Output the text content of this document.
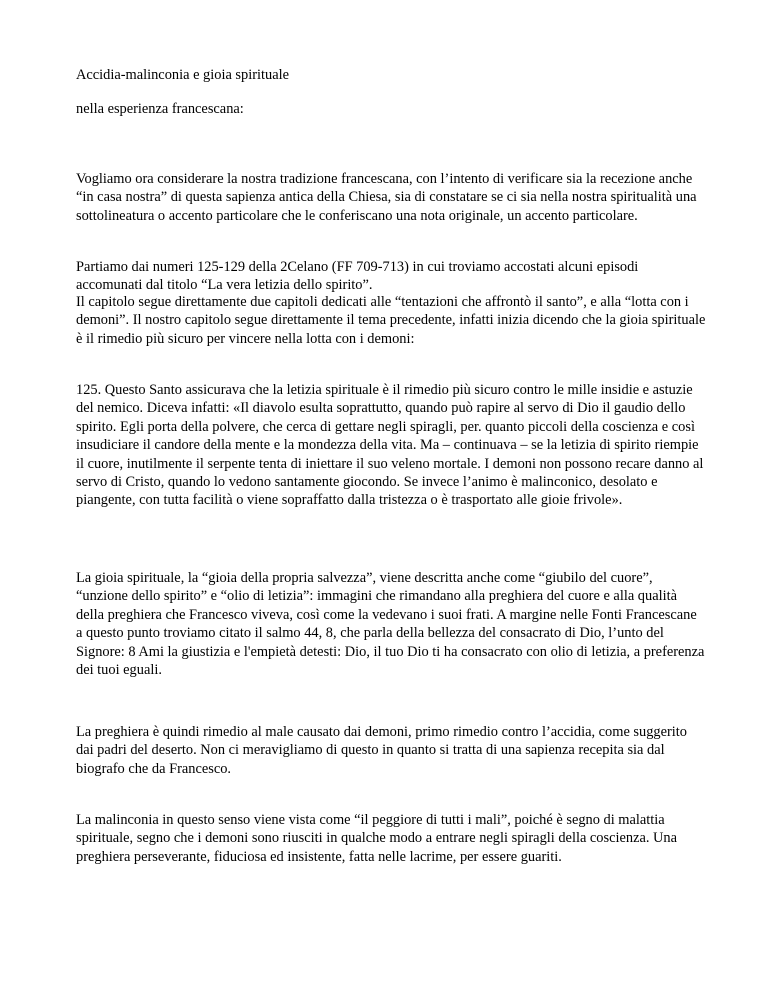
Accidia-malinconia e gioia spirituale

nella esperienza francescana:

Vogliamo ora considerare la nostra tradizione francescana, con l’intento di verificare sia la recezione anche “in casa nostra” di questa sapienza antica della Chiesa, sia di constatare se ci sia nella nostra spiritualità una sottolineatura o accento particolare che le conferiscano una nota originale, un accento particolare.

Partiamo dai numeri 125-129 della 2Celano (FF 709-713) in cui troviamo accostati alcuni episodi accomunati dal titolo “La vera letizia dello spirito”.

Il capitolo segue direttamente due capitoli dedicati alle “tentazioni che affrontò il santo”, e alla “lotta con i demoni”. Il nostro capitolo segue direttamente il tema precedente, infatti inizia dicendo che la gioia spirituale è il rimedio più sicuro per vincere nella lotta con i demoni:

125. Questo Santo assicurava che la letizia spirituale è il rimedio più sicuro contro le mille insidie e astuzie del nemico. Diceva infatti: «Il diavolo esulta soprattutto, quando può rapire al servo di Dio il gaudio dello spirito. Egli porta della polvere, che cerca di gettare negli spiragli, per. quanto piccoli della coscienza e così insudiciare il candore della mente e la mondezza della vita. Ma – continuava – se la letizia di spirito riempie il cuore, inutilmente il serpente tenta di iniettare il suo veleno mortale. I demoni non possono recare danno al servo di Cristo, quando lo vedono santamente giocondo. Se invece l’animo è malinconico, desolato e piangente, con tutta facilità o viene sopraffatto dalla tristezza o è trasportato alle gioie frivole».

La gioia spirituale, la “gioia della propria salvezza”, viene descritta anche come “giubilo del cuore”, “unzione dello spirito” e “olio di letizia”: immagini che rimandano alla preghiera del cuore e alla qualità della preghiera che Francesco viveva, così come la vedevano i suoi frati. A margine nelle Fonti Francescane a questo punto troviamo citato il salmo 44, 8, che parla della bellezza del consacrato di Dio, l’unto del Signore: 8 Ami la giustizia e l'empietà detesti: Dio, il tuo Dio ti ha consacrato con olio di letizia, a preferenza dei tuoi eguali.

La preghiera è quindi rimedio al male causato dai demoni, primo rimedio contro l’accidia, come suggerito dai padri del deserto. Non ci meravigliamo di questo in quanto si tratta di una sapienza recepita sia dal biografo che da Francesco.

La malinconia in questo senso viene vista come “il peggiore di tutti i mali”, poiché è segno di malattia spirituale, segno che i demoni sono riusciti in qualche modo a entrare negli spiragli della coscienza. Una preghiera perseverante, fiduciosa ed insistente, fatta nelle lacrime, per essere guariti.
